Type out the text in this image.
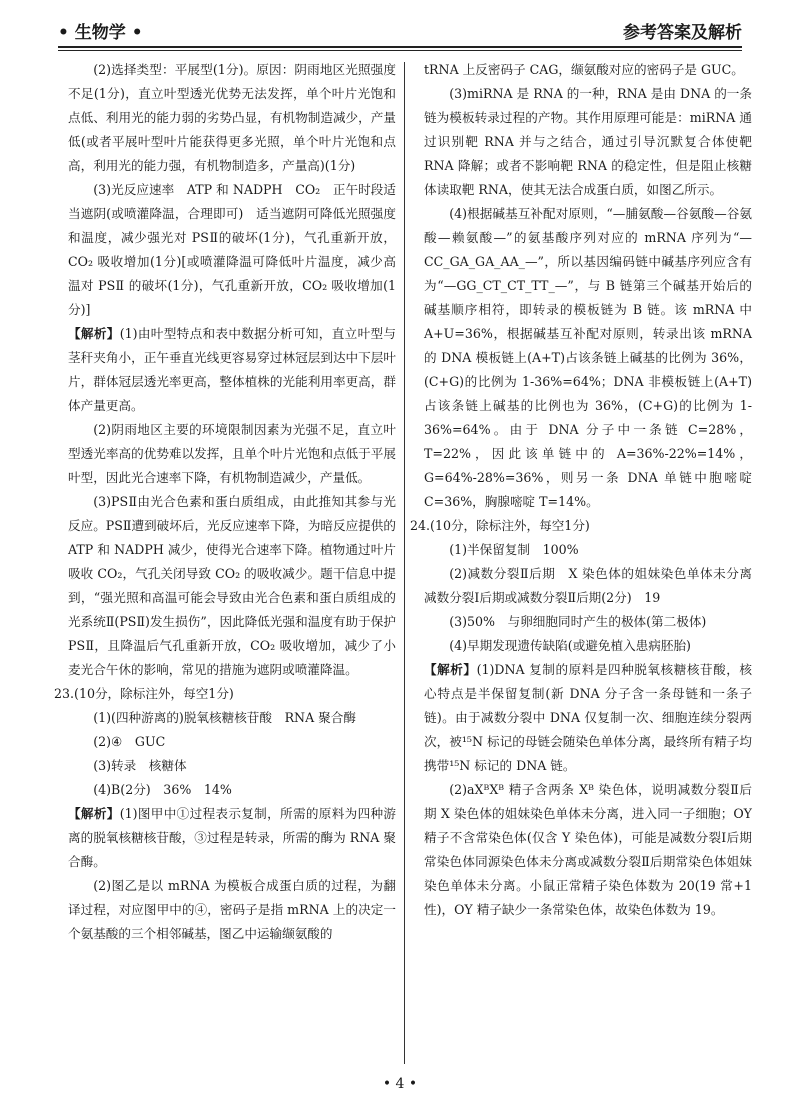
• 生物学 •	参考答案及解析

(2)选择类型：平展型(1分)。原因：阴雨地区光照强度不足(1分)，直立叶型透光优势无法发挥，单个叶片光饱和点低、利用光的能力弱的劣势凸显，有机物制造减少，产量低(或者平展叶型叶片能获得更多光照，单个叶片光饱和点高，利用光的能力强，有机物制造多，产量高)(1分)

(3)光反应速率　ATP 和 NADPH　CO₂　正午时段适当遮阴(或喷灌降温，合理即可)　适当遮阴可降低光照强度和温度，减少强光对 PSⅡ的破坏(1分)，气孔重新开放，CO₂ 吸收增加(1分)[或喷灌降温可降低叶片温度，减少高温对 PSⅡ 的破坏(1分)，气孔重新开放，CO₂ 吸收增加(1分)]

【解析】(1)由叶型特点和表中数据分析可知，直立叶型与茎秆夹角小，正午垂直光线更容易穿过林冠层到达中下层叶片，群体冠层透光率更高，整体植株的光能利用率更高，群体产量更高。

(2)阴雨地区主要的环境限制因素为光强不足，直立叶型透光率高的优势难以发挥，且单个叶片光饱和点低于平展叶型，因此光合速率下降，有机物制造减少，产量低。

(3)PSⅡ由光合色素和蛋白质组成，由此推知其参与光反应。PSⅡ遭到破坏后，光反应速率下降，为暗反应提供的 ATP 和 NADPH 减少，使得光合速率下降。植物通过叶片吸收 CO₂，气孔关闭导致 CO₂ 的吸收减少。题干信息中提到，“强光照和高温可能会导致由光合色素和蛋白质组成的光系统Ⅱ(PSⅡ)发生损伤”，因此降低光强和温度有助于保护 PSⅡ，且降温后气孔重新开放，CO₂ 吸收增加，减少了小麦光合午休的影响，常见的措施为遮阴或喷灌降温。

23.(10分，除标注外，每空1分)

(1)(四种游离的)脱氧核糖核苷酸　RNA 聚合酶

(2)④　GUC

(3)转录　核糖体

(4)B(2分)　36%　14%

【解析】(1)图甲中①过程表示复制，所需的原料为四种游离的脱氧核糖核苷酸，③过程是转录，所需的酶为 RNA 聚合酶。

(2)图乙是以 mRNA 为模板合成蛋白质的过程，为翻译过程，对应图甲中的④，密码子是指 mRNA 上的决定一个氨基酸的三个相邻碱基，图乙中运输缬氨酸的

tRNA 上反密码子 CAG，缬氨酸对应的密码子是 GUC。

(3)miRNA 是 RNA 的一种，RNA 是由 DNA 的一条链为模板转录过程的产物。其作用原理可能是：miRNA 通过识别靶 RNA 并与之结合，通过引导沉默复合体使靶 RNA 降解；或者不影响靶 RNA 的稳定性，但是阻止核糖体读取靶 RNA，使其无法合成蛋白质，如图乙所示。

(4)根据碱基互补配对原则，“—脯氨酸—谷氨酸—谷氨酸—赖氨酸—”的氨基酸序列对应的 mRNA 序列为“—CC_GA_GA_AA_—”，所以基因编码链中碱基序列应含有为“—GG_CT_CT_TT_—”，与 B 链第三个碱基开始后的碱基顺序相符，即转录的模板链为 B 链。该 mRNA 中 A+U=36%，根据碱基互补配对原则，转录出该 mRNA 的 DNA 模板链上(A+T)占该条链上碱基的比例为 36%，(C+G)的比例为 1-36%=64%；DNA 非模板链上(A+T)占该条链上碱基的比例也为 36%，(C+G)的比例为 1-36%=64%。由于 DNA 分子中一条链 C=28%，T=22%，因此该单链中的 A=36%-22%=14%，G=64%-28%=36%，则另一条 DNA 单链中胞嘧啶 C=36%，胸腺嘧啶 T=14%。

24.(10分，除标注外，每空1分)

(1)半保留复制　100%

(2)减数分裂Ⅱ后期　X 染色体的姐妹染色单体未分离　减数分裂Ⅰ后期或减数分裂Ⅱ后期(2分)　19

(3)50%　与卵细胞同时产生的极体(第二极体)

(4)早期发现遗传缺陷(或避免植入患病胚胎)

【解析】(1)DNA 复制的原料是四种脱氧核糖核苷酸，核心特点是半保留复制(新 DNA 分子含一条母链和一条子链)。由于减数分裂中 DNA 仅复制一次、细胞连续分裂两次，被¹⁵N 标记的母链会随染色单体分离，最终所有精子均携带¹⁵N 标记的 DNA 链。

(2)aXᴮXᴮ 精子含两条 Xᴮ 染色体，说明减数分裂Ⅱ后期 X 染色体的姐妹染色单体未分离，进入同一子细胞；OY 精子不含常染色体(仅含 Y 染色体)，可能是减数分裂Ⅰ后期常染色体同源染色体未分离或减数分裂Ⅱ后期常染色体姐妹染色单体未分离。小鼠正常精子染色体数为 20(19 常+1 性)，OY 精子缺少一条常染色体，故染色体数为 19。

• 4 •
